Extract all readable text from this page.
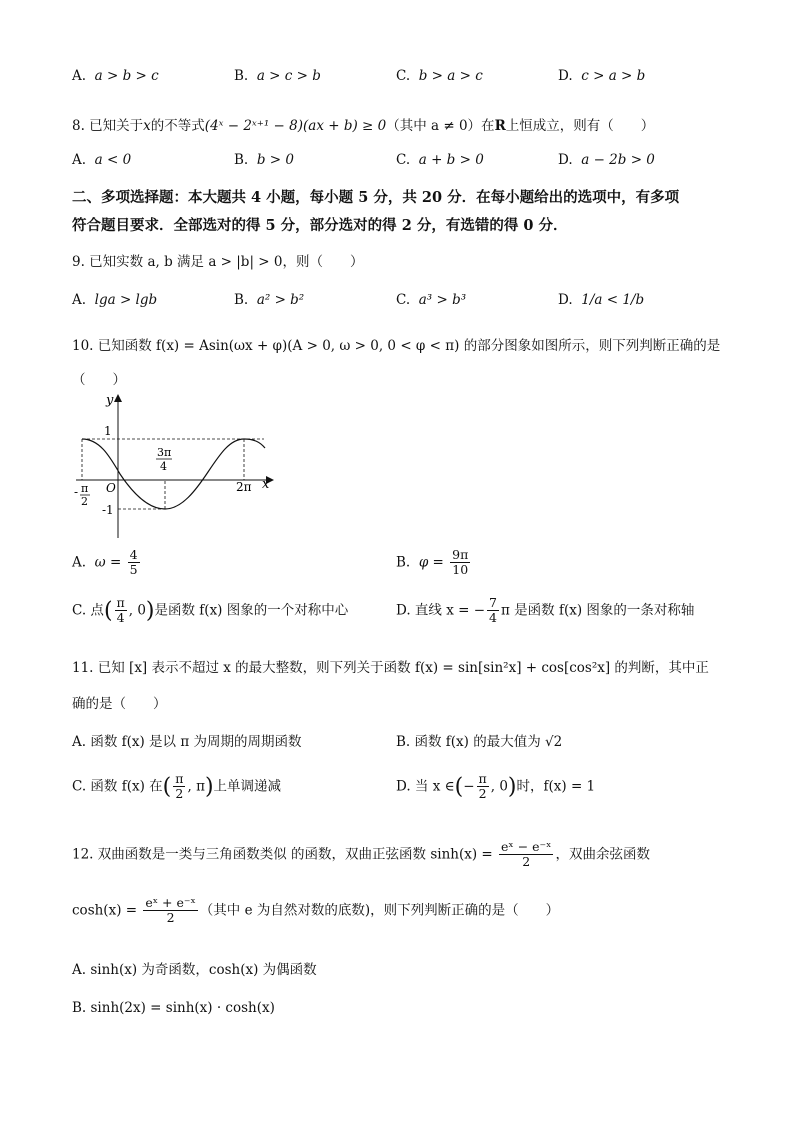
A. a > b > c	B. a > c > b	C. b > a > c	D. c > a > b
8. 已知关于x的不等式(4ˣ − 2ˣ⁺¹ − 8)(ax + b) ≥ 0（其中 a ≠ 0）在R上恒成立，则有（　　）
A. a < 0	B. b > 0	C. a + b > 0	D. a − 2b > 0
二、多项选择题：本大题共 4 小题，每小题 5 分，共 20 分．在每小题给出的选项中，有多项
符合题目要求．全部选对的得 5 分，部分选对的得 2 分，有选错的得 0 分．
9. 已知实数 a, b 满足 a > |b| > 0，则（　　）
A. lga > lgb	B. a² > b²	C. a³ > b³	D. 1/a < 1/b
10. 已知函数 f(x) = Asin(ωx + φ)(A > 0, ω > 0, 0 < φ < π) 的部分图象如图所示，则下列判断正确的是
（　　）
y
x
1
-1
O
- π
2
3π
4
2π
A. $\omega = \frac{4}{5}$	B. $\varphi = \frac{9\pi}{10}$
C. 点( $\frac{\pi}{4}$ , 0)是函数 f(x) 图象的一个对称中心	D. 直线 x = − $\frac{7}{4}$ π 是函数 f(x) 图象的一条对称轴
11. 已知 [x] 表示不超过 x 的最大整数，则下列关于函数 f(x) = sin[sin²x] + cos[cos²x] 的判断，其中正
确的是（　　）
A. 函数 f(x) 是以 π 为周期的周期函数	B. 函数 f(x) 的最大值为 √2
C. 函数 f(x) 在( $\frac{\pi}{2}$ , π)上单调递减	D. 当 x ∈(− $\frac{\pi}{2}$ , 0)时，f(x) = 1
12. 双曲函数是一类与三角函数类似 的函数，双曲正弦函数 $\sinh(x) = \frac{\text{eˣ − e⁻ˣ}}{2}$ ，双曲余弦函数
$\cosh(x) = \frac{\text{eˣ + e⁻ˣ}}{2}$ （其中 e 为自然对数的底数)，则下列判断正确的是（　　）
A. sinh(x) 为奇函数，cosh(x) 为偶函数
B. sinh(2x) = sinh(x) · cosh(x)
